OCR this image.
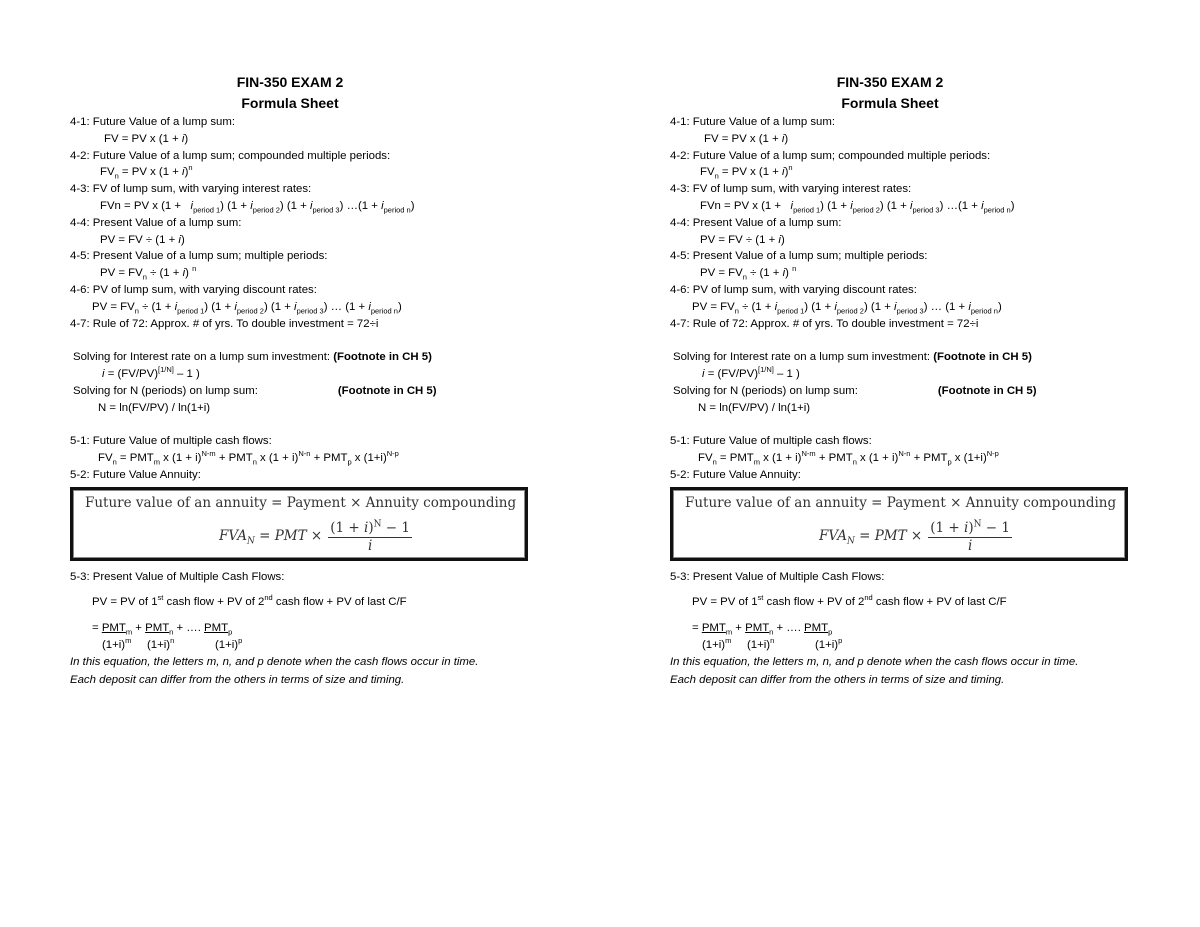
FIN-350 EXAM 2
Formula Sheet
4-1: Future Value of a lump sum:
FV = PV x (1 + i)
4-2: Future Value of a lump sum; compounded multiple periods:
$FV_n$ = PV x $(1 + i)^n$
4-3: FV of lump sum, with varying interest rates:
FVn = PV x $(1 + i_{period 1})$ $(1 + i_{period 2})$ $(1 + i_{period 3})$ …(1 + $i_{period n}$)
4-4: Present Value of a lump sum:
PV = FV ÷ (1 + i)
4-5: Present Value of a lump sum; multiple periods:
PV = $FV_n \div (1 + i)$ $^n$
4-6: PV of lump sum, with varying discount rates:
PV = $FV_n \div (1 + i_{period 1}) (1 + i_{period 2}) (1 + i_{period 3})$ … $(1 + i_{period n})$
4-7: Rule of 72: Approx. # of yrs. To double investment = 72÷i
Solving for Interest rate on a lump sum investment: (Footnote in CH 5)
i = (FV/PV)[1/N] – 1 )
Solving for N (periods) on lump sum:	(Footnote in CH 5)
N = ln(FV/PV) / ln(1+i)
5-1: Future Value of multiple cash flows:
$FV_n = PMT_m$ x $(1 + i)^{N-m} + PMT_n$ x $(1 + i)^{N-n} + PMT_p$ x $(1+i)^{N-p}$
5-2: Future Value Annuity:
Future value of an annuity = Payment × Annuity compounding
$FVA_N$ = PMT × $\frac{(1 + i)^N - 1}{i}$
5-3: Present Value of Multiple Cash Flows:
PV = PV of 1st cash flow + PV of 2nd cash flow + PV of last C/F
= $PMT_m + PMT_n$ + …. $PMT_p$
$(1+i)^m$ $(1+i)^n$	$(1+i)^p$
In this equation, the letters m, n, and p denote when the cash flows occur in time.
Each deposit can differ from the others in terms of size and timing.
FIN-350 EXAM 2
Formula Sheet
4-1: Future Value of a lump sum:
FV = PV x (1 + i)
4-2: Future Value of a lump sum; compounded multiple periods:
$FV_n$ = PV x $(1 + i)^n$
4-3: FV of lump sum, with varying interest rates:
FVn = PV x $(1 + i_{period 1})$ $(1 + i_{period 2})$ $(1 + i_{period 3})$ …(1 + $i_{period n}$)
4-4: Present Value of a lump sum:
PV = FV ÷ (1 + i)
4-5: Present Value of a lump sum; multiple periods:
PV = $FV_n \div (1 + i)$ $^n$
4-6: PV of lump sum, with varying discount rates:
PV = $FV_n \div (1 + i_{period 1}) (1 + i_{period 2}) (1 + i_{period 3})$ … $(1 + i_{period n})$
4-7: Rule of 72: Approx. # of yrs. To double investment = 72÷i
Solving for Interest rate on a lump sum investment: (Footnote in CH 5)
i = (FV/PV)[1/N] – 1 )
Solving for N (periods) on lump sum:	(Footnote in CH 5)
N = ln(FV/PV) / ln(1+i)
5-1: Future Value of multiple cash flows:
$FV_n = PMT_m$ x $(1 + i)^{N-m} + PMT_n$ x $(1 + i)^{N-n} + PMT_p$ x $(1+i)^{N-p}$
5-2: Future Value Annuity:
Future value of an annuity = Payment × Annuity compounding
$FVA_N$ = PMT × $\frac{(1 + i)^N - 1}{i}$
5-3: Present Value of Multiple Cash Flows:
PV = PV of 1st cash flow + PV of 2nd cash flow + PV of last C/F
= $PMT_m + PMT_n$ + …. $PMT_p$
$(1+i)^m$ $(1+i)^n$	$(1+i)^p$
In this equation, the letters m, n, and p denote when the cash flows occur in time.
Each deposit can differ from the others in terms of size and timing.
